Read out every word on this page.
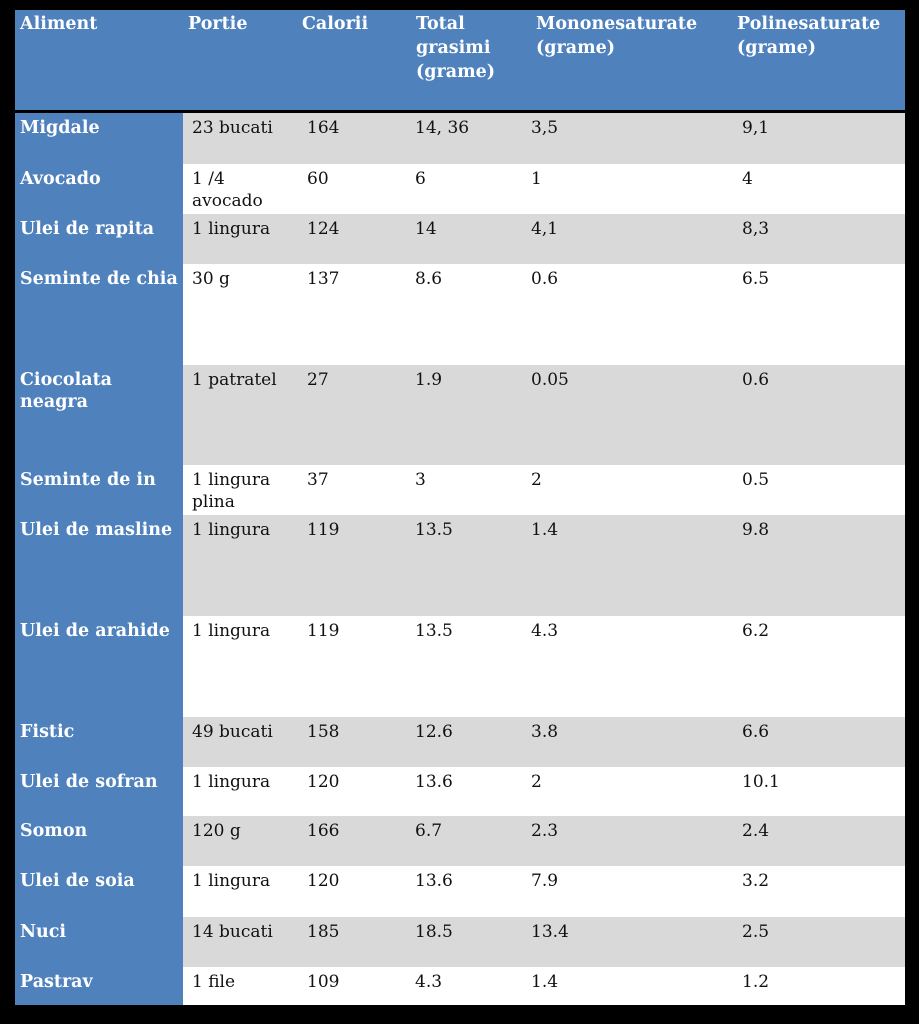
Aliment	Portie	Calorii	Total grasimi (grame)	Mononesaturate (grame)	Polinesaturate (grame)
Migdale	23 bucati	164	14, 36	3,5	9,1
Avocado	1 /4 avocado	60	6	1	4
Ulei de rapita	1 lingura	124	14	4,1	8,3
Seminte de chia	30 g	137	8.6	0.6	6.5
Ciocolata neagra	1 patratel	27	1.9	0.05	0.6
Seminte de in	1 lingura plina	37	3	2	0.5
Ulei de masline	1 lingura	119	13.5	1.4	9.8
Ulei de arahide	1 lingura	119	13.5	4.3	6.2
Fistic	49 bucati	158	12.6	3.8	6.6
Ulei de sofran	1 lingura	120	13.6	2	10.1
Somon	120 g	166	6.7	2.3	2.4
Ulei de soia	1 lingura	120	13.6	7.9	3.2
Nuci	14 bucati	185	18.5	13.4	2.5
Pastrav	1 file	109	4.3	1.4	1.2
